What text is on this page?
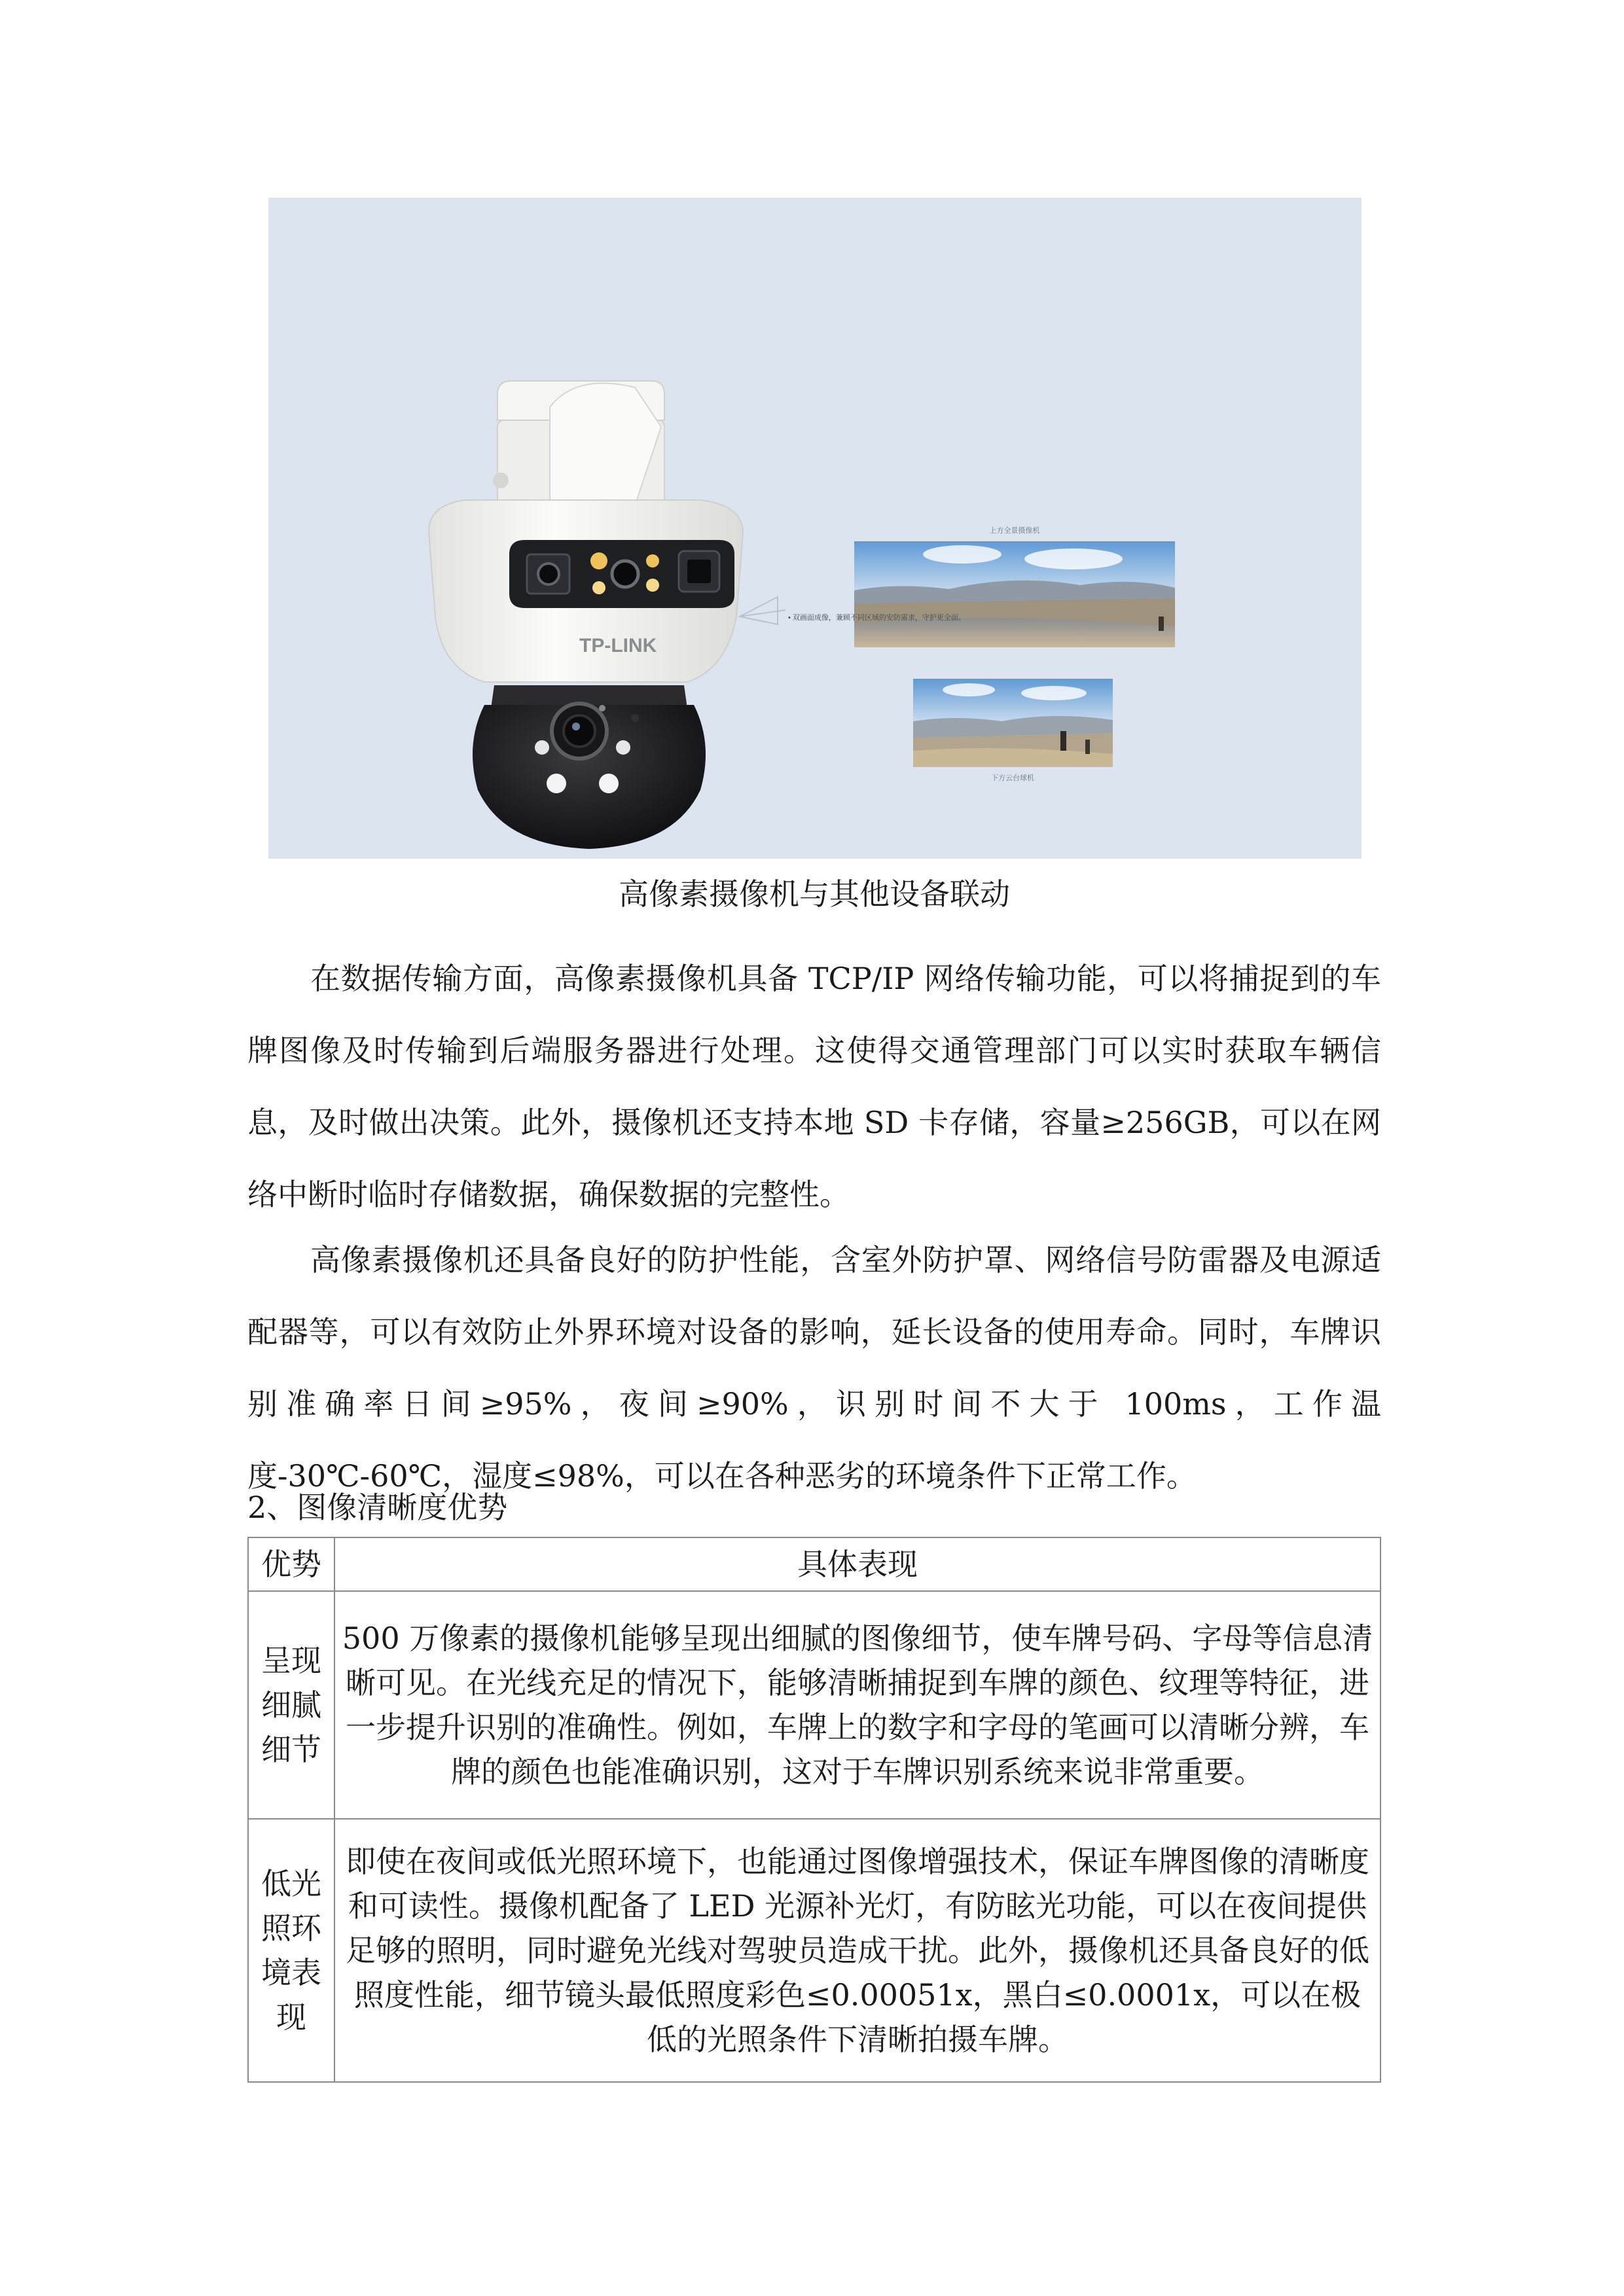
TP-LINK
上方全景摄像机
• 双画面成像，兼顾不同区域的安防需求，守护更全面。
下方云台球机
高像素摄像机与其他设备联动

在数据传输方面，高像素摄像机具备 TCP/IP 网络传输功能，可以将捕捉到的车牌图像及时传输到后端服务器进行处理。这使得交通管理部门可以实时获取车辆信息，及时做出决策。此外，摄像机还支持本地 SD 卡存储，容量≥256GB，可以在网络中断时临时存储数据，确保数据的完整性。

高像素摄像机还具备良好的防护性能，含室外防护罩、网络信号防雷器及电源适配器等，可以有效防止外界环境对设备的影响，延长设备的使用寿命。同时，车牌识别准确率日间≥95%，夜间≥90%，识别时间不大于 100ms，工作温度-30℃-60℃，湿度≤98%，可以在各种恶劣的环境条件下正常工作。

2、图像清晰度优势

优势	具体表现
呈现细腻细节	500 万像素的摄像机能够呈现出细腻的图像细节，使车牌号码、字母等信息清晰可见。在光线充足的情况下，能够清晰捕捉到车牌的颜色、纹理等特征，进一步提升识别的准确性。例如，车牌上的数字和字母的笔画可以清晰分辨，车牌的颜色也能准确识别，这对于车牌识别系统来说非常重要。
低光照环境表现	即使在夜间或低光照环境下，也能通过图像增强技术，保证车牌图像的清晰度和可读性。摄像机配备了 LED 光源补光灯，有防眩光功能，可以在夜间提供足够的照明，同时避免光线对驾驶员造成干扰。此外，摄像机还具备良好的低照度性能，细节镜头最低照度彩色≤0.00051x，黑白≤0.0001x，可以在极低的光照条件下清晰拍摄车牌。
